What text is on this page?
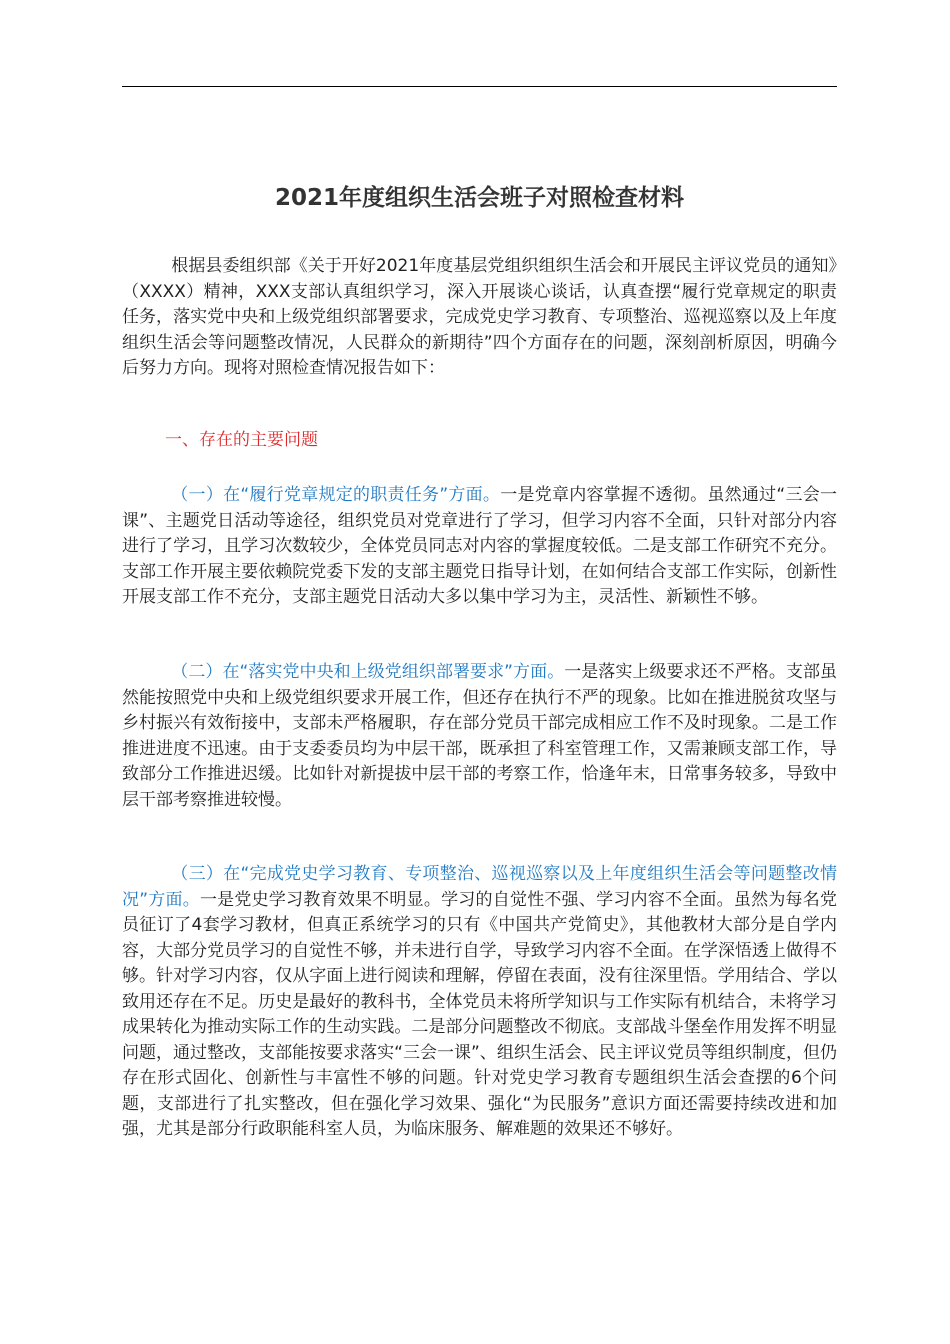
2021年度组织生活会班子对照检查材料

根据县委组织部《关于开好2021年度基层党组织组织生活会和开展民主评议党员的通知》（XXXX）精神，XXX支部认真组织学习，深入开展谈心谈话，认真查摆“履行党章规定的职责任务，落实党中央和上级党组织部署要求，完成党史学习教育、专项整治、巡视巡察以及上年度组织生活会等问题整改情况，人民群众的新期待”四个方面存在的问题，深刻剖析原因，明确今后努力方向。现将对照检查情况报告如下：

一、存在的主要问题

（一）在“履行党章规定的职责任务”方面。一是党章内容掌握不透彻。虽然通过“三会一课”、主题党日活动等途径，组织党员对党章进行了学习，但学习内容不全面，只针对部分内容进行了学习，且学习次数较少，全体党员同志对内容的掌握度较低。二是支部工作研究不充分。支部工作开展主要依赖院党委下发的支部主题党日指导计划，在如何结合支部工作实际，创新性开展支部工作不充分，支部主题党日活动大多以集中学习为主，灵活性、新颖性不够。

（二）在“落实党中央和上级党组织部署要求”方面。一是落实上级要求还不严格。支部虽然能按照党中央和上级党组织要求开展工作，但还存在执行不严的现象。比如在推进脱贫攻坚与乡村振兴有效衔接中，支部未严格履职，存在部分党员干部完成相应工作不及时现象。二是工作推进进度不迅速。由于支委委员均为中层干部，既承担了科室管理工作，又需兼顾支部工作，导致部分工作推进迟缓。比如针对新提拔中层干部的考察工作，恰逢年末，日常事务较多，导致中层干部考察推进较慢。

（三）在“完成党史学习教育、专项整治、巡视巡察以及上年度组织生活会等问题整改情况”方面。一是党史学习教育效果不明显。学习的自觉性不强、学习内容不全面。虽然为每名党员征订了4套学习教材，但真正系统学习的只有《中国共产党简史》，其他教材大部分是自学内容，大部分党员学习的自觉性不够，并未进行自学，导致学习内容不全面。在学深悟透上做得不够。针对学习内容，仅从字面上进行阅读和理解，停留在表面，没有往深里悟。学用结合、学以致用还存在不足。历史是最好的教科书，全体党员未将所学知识与工作实际有机结合，未将学习成果转化为推动实际工作的生动实践。二是部分问题整改不彻底。支部战斗堡垒作用发挥不明显问题，通过整改，支部能按要求落实“三会一课”、组织生活会、民主评议党员等组织制度，但仍存在形式固化、创新性与丰富性不够的问题。针对党史学习教育专题组织生活会查摆的6个问题，支部进行了扎实整改，但在强化学习效果、强化“为民服务”意识方面还需要持续改进和加强，尤其是部分行政职能科室人员，为临床服务、解难题的效果还不够好。
